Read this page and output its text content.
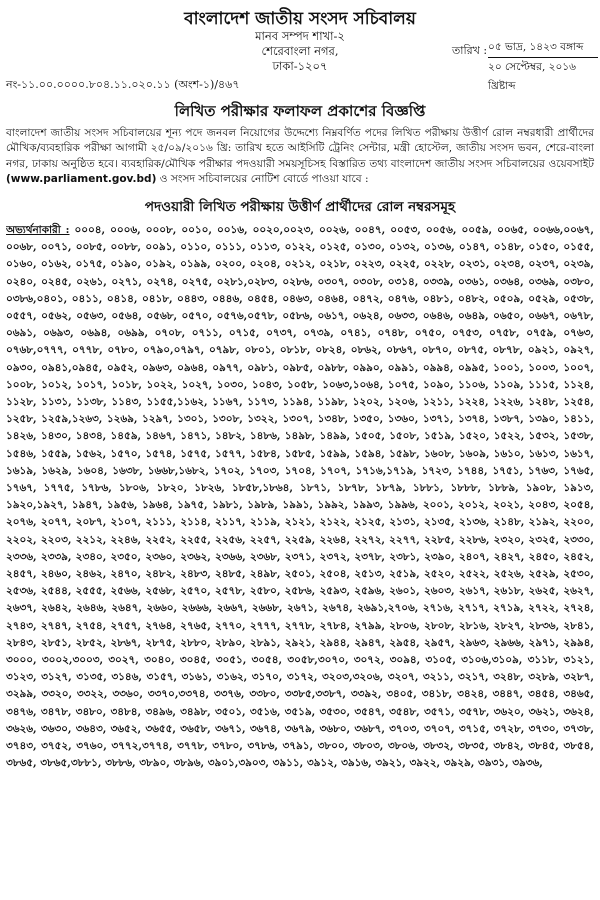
বাংলাদেশ জাতীয় সংসদ সচিবালয়
মানব সম্পদ শাখা-২
শেরেবাংলা নগর,
ঢাকা-১২০৭
তারিখ : ০৫ ভাদ্র, ১৪২৩ বঙ্গাব্দ
২০ সেপ্টেম্বর, ২০১৬ খ্রিষ্টাব্দ
নং-১১.০০.০০০০.৮০৪.১১.০২০.১১ (অংশ-১)/৪৬৭
লিখিত পরীক্ষার ফলাফল প্রকাশের বিজ্ঞপ্তি
বাংলাদেশ জাতীয় সংসদ সচিবালয়ের শূন্য পদে জনবল নিয়োগের উদ্দেশ্যে নিম্নবর্ণিত পদের লিখিত পরীক্ষায় উত্তীর্ণ রোল নম্বরধারী প্রার্থীদের মৌখিক/ব্যবহারিক পরীক্ষা আগামী ২৫/০৯/২০১৬ খ্রি: তারিখ হতে আইসিটি ট্রেনিং সেন্টার, মন্ত্রী হোস্টেল, জাতীয় সংসদ ভবন, শেরে-বাংলা নগর, ঢাকায় অনুষ্ঠিত হবে। ব্যবহারিক/মৌখিক পরীক্ষার পদওয়ারী সময়সূচিসহ বিস্তারিত তথ্য বাংলাদেশ জাতীয় সংসদ সচিবালয়ের ওয়েবসাইট (www.parliament.gov.bd) ও সংসদ সচিবালয়ের নোটিশ বোর্ডে পাওয়া যাবে :
পদওয়ারী লিখিত পরীক্ষায় উত্তীর্ণ প্রার্থীদের রোল নম্বরসমূহ
অভ্যর্থনাকারী : ০০০৪, ০০০৬, ০০০৮, ০০১০, ০০১৬, ০০২০,০০২৩, ০০২৬, ০০৪৭, ০০৫৩, ০০৫৬, ০০৫৯, ০০৬৫, ০০৬৬,০০৬৭, ০০৬৮, ০০৭১, ০০৮৫, ০০৮৮, ০০৯১, ০১১০, ০১১১, ০১১৩, ০১২২, ০১২৫, ০১৩০, ০১৩২, ০১৩৬, ০১৪৭, ০১৪৮, ০১৫০, ০১৫৫, ০১৬০, ০১৬২, ০১৭৫, ০১৯০, ০১৯২, ০১৯৯, ০২০০, ০২০৪, ০২১২, ০২১৮, ০২২৩, ০২২৫, ০২২৮, ০২৩১, ০২৩৪, ০২৩৭, ০২৩৯, ০২৪০, ০২৪৫, ০২৬১, ০২৭১, ০২৭৪, ০২৭৫, ০২৮১,০২৮৩, ০২৮৬, ০৩০৭, ০৩০৮, ০৩১৪, ০৩৩৯, ০৩৬১, ০৩৬৪, ০৩৬৯, ০৩৮০, ০৩৮৬,০৪০১, ০৪১১, ০৪১৪, ০৪১৮, ০৪৪৩, ০৪৪৬, ০৪৫৪, ০৪৬৩, ০৪৬৪, ০৪৭২, ০৪৭৬, ০৪৮১, ০৪৮২, ০৫০৯, ০৫২৯, ০৫৩৮, ০৫৫৭, ০৫৬২, ০৫৬৩, ০৫৬৪, ০৫৬৮, ০৫৭০, ০৫৭৬,০৫৭৮, ০৫৮৬, ০৬১৭, ০৬২৪, ০৬৩৩, ০৬৪৬, ০৬৪৯, ০৬৫০, ০৬৬৭, ০৬৭৮, ০৬৯১, ০৬৯৩, ০৬৯৪, ০৬৯৯, ০৭০৮, ০৭১১, ০৭১৫, ০৭৩৭, ০৭৩৯, ০৭৪১, ০৭৪৮, ০৭৫০, ০৭৫৩, ০৭৫৮, ০৭৫৯, ০৭৬৩, ০৭৬৮,০৭৭৭, ০৭৭৮, ০৭৮০, ০৭৯০,০৭৯৭, ০৭৯৮, ০৮০১, ০৮১৮, ০৮২৪, ০৮৬২, ০৮৬৭, ০৮৭০, ০৮৭৫, ০৮৭৮, ০৯২১, ০৯২৭, ০৯৩০, ০৯৪১,০৯৪৫, ০৯৫২, ০৯৬৩, ০৯৬৪, ০৯৭৭, ০৯৮১, ০৯৮৫, ০৯৮৮, ০৯৯০, ০৯৯১, ০৯৯৪, ০৯৯৫, ১০০১, ১০০৩, ১০০৭, ১০০৮, ১০১২, ১০১৭, ১০১৮, ১০২২, ১০২৭, ১০৩০, ১০৪৩, ১০৫৮, ১০৬৩,১০৬৪, ১০৭৫, ১০৯০, ১১০৬, ১১০৯, ১১১৫, ১১২৪, ১১২৮, ১১৩১, ১১৩৮, ১১৪৩, ১১৫৫,১১৬২, ১১৬৭, ১১৭৩, ১১৯৪, ১১৯৮, ১২০২, ১২০৬, ১২১১, ১২২৪, ১২২৬, ১২৪৮, ১২৫৪, ১২৫৮, ১২৫৯,১২৬৩, ১২৬৯, ১২৯৭, ১৩০১, ১৩০৮, ১৩২২, ১৩০৭, ১৩৪৮, ১৩৫০, ১৩৬০, ১৩৭১, ১৩৭৪, ১৩৮৭, ১৩৯০, ১৪১১, ১৪২৬, ১৪৩০, ১৪৩৪, ১৪৫৯, ১৪৬৭, ১৪৭১, ১৪৮২, ১৪৮৬, ১৪৯৮, ১৪৯৯, ১৫০৫, ১৫০৮, ১৫১৯, ১৫২০, ১৫২২, ১৫৩২, ১৫৩৮, ১৫৪৬, ১৫৫৯, ১৫৬২, ১৫৭০, ১৫৭৪, ১৫৭৫, ১৫৭৭, ১৫৮৪, ১৫৮৫, ১৫৯৯, ১৫৯৪, ১৫৯৮, ১৬০৮, ১৬০৯, ১৬১০, ১৬১৩, ১৬১৭, ১৬১৯, ১৬২৯, ১৬০৪, ১৬৩৮, ১৬৬৮,১৬৮২, ১৭০২, ১৭০৩, ১৭০৪, ১৭০৭, ১৭১৬,১৭১৯, ১৭২৩, ১৭৪৪, ১৭৫১, ১৭৬৩, ১৭৬৫, ১৭৬৭, ১৭৭৫, ১৭৮৬, ১৮০৬, ১৮২০, ১৮২৬, ১৮৫৮,১৮৬৪, ১৮৭১, ১৮৭৮, ১৮৭৯, ১৮৮১, ১৮৮৮, ১৮৮৯, ১৯০৮, ১৯১৩, ১৯২০,১৯২৭, ১৯৪৭, ১৯৫৬, ১৯৬৪, ১৯৭৫, ১৯৮১, ১৯৮৯, ১৯৯১, ১৯৯২, ১৯৯৩, ১৯৯৬, ২০০১, ২০১২, ২০২১, ২০৪৩, ২০৫৪, ২০৭৬, ২০৭৭, ২০৮৭, ২১০৭, ২১১১, ২১১৪, ২১১৭, ২১১৯, ২১২১, ২১২২, ২১২৫, ২১৩১, ২১৩৫, ২১৩৬, ২১৪৮, ২১৯২, ২২০০, ২২০২, ২২০৩, ২২১২, ২২৪৬, ২২৫২, ২২৫৫, ২২৫৬, ২২৫৭, ২২৫৯, ২২৬৪, ২২৭২, ২২৭৭, ২২৮৫, ২২৮৬, ২৩২০, ২৩২৫, ২৩৩০, ২৩৩৬, ২৩৩৯, ২৩৪০, ২৩৫০, ২৩৬০, ২৩৬২, ২৩৬৬, ২৩৬৮, ২৩৭১, ২৩৭২, ২৩৭৮, ২৩৮১, ২৩৯০, ২৪০৭, ২৪২৭, ২৪৫০, ২৪৫২, ২৪৫৭, ২৪৬০, ২৪৬২, ২৪৭০, ২৪৮২, ২৪৮৩, ২৪৮৫, ২৪৯৮, ২৫০১, ২৫০৪, ২৫১৩, ২৫১৯, ২৫২০, ২৫২২, ২৫২৬, ২৫২৯, ২৫৩০, ২৫৩৬, ২৫৪৪, ২৫৫৫, ২৫৬৬, ২৫৬৮, ২৫৭০, ২৫৭৮, ২৫৮০, ২৫৮৬, ২৫৯৩, ২৫৯৬, ২৬০১, ২৬০৩, ২৬১৭, ২৬১৮, ২৬২৫, ২৬২৭, ২৬৩৭, ২৬৪২, ২৬৪৬, ২৬৪৭, ২৬৬০, ২৬৬৬, ২৬৬৭, ২৬৬৮, ২৬৭১, ২৬৭৪, ২৬৯১,২৭০৬, ২৭১৬, ২৭১৭, ২৭১৯, ২৭২২, ২৭২৪, ২৭৪৩, ২৭৪৭, ২৭৫৪, ২৭৫৭, ২৭৬৪, ২৭৬৫, ২৭৭০, ২৭৭৭, ২৭৭৮, ২৭৮৪, ২৭৯৯, ২৮০৬, ২৮০৮, ২৮১৬, ২৮২৭, ২৮৩৬, ২৮৪১, ২৮৪৩, ২৮৫১, ২৮৫২, ২৮৬৭, ২৮৭৫, ২৮৮০, ২৮৯০, ২৮৯১, ২৯২১, ২৯৪৪, ২৯৪৭, ২৯৫৪, ২৯৫৭, ২৯৬৩, ২৯৬৬, ২৯৭১, ২৯৯৪, ৩০০০, ৩০০২,৩০০৩, ৩০২৭, ৩০৪০, ৩০৪৫, ৩০৫১, ৩০৫৪, ৩০৫৮,৩০৭০, ৩০৭২, ৩০৯৪, ৩১০৫, ৩১০৬,৩১০৯, ৩১১৮, ৩১২১, ৩১২৩, ৩১২৭, ৩১৩৫, ৩১৪৬, ৩১৫৭, ৩১৬১, ৩১৬২, ৩১৭০, ৩১৭২, ৩২০৩,৩২০৬, ৩২০৭, ৩২১১, ৩২১৭, ৩২৪৮, ৩২৮৯, ৩২৮৭, ৩২৯৯, ৩৩২০, ৩৩২২, ৩৩৬০, ৩৩৭০,৩৩৭৪, ৩৩৭৬, ৩৩৮০, ৩৩৮৫,৩৩৮৭, ৩৩৯২, ৩৪০৫, ৩৪১৮, ৩৪২৪, ৩৪৪৭, ৩৪৫৪, ৩৪৬৫, ৩৪৭৬, ৩৪৭৮, ৩৪৮০, ৩৪৮৪, ৩৪৯৬, ৩৪৯৮, ৩৫০১, ৩৫১৬, ৩৫১৯, ৩৫৩০, ৩৫৪৭, ৩৫৪৮, ৩৫৭১, ৩৫৭৮, ৩৬২০, ৩৬২১, ৩৬২৪, ৩৬২৬, ৩৬৩০, ৩৬৪৩, ৩৬৫২, ৩৬৫৫, ৩৬৫৮, ৩৬৭১, ৩৬৭৪, ৩৬৭৯, ৩৬৮০, ৩৬৮৭, ৩৭০৩, ৩৭০৭, ৩৭১৫, ৩৭২৮, ৩৭৩০, ৩৭৩৮, ৩৭৪৩, ৩৭৫২, ৩৭৬০, ৩৭৭২,৩৭৭৪, ৩৭৭৮, ৩৭৮০, ৩৭৮৬, ৩৭৯১, ৩৮০০, ৩৮০৩, ৩৮০৬, ৩৮৩২, ৩৮৩৫, ৩৮৪২, ৩৮৪৫, ৩৮৫৪, ৩৮৬৫, ৩৮৬৫,৩৮৮১, ৩৮৮৬, ৩৮৯০, ৩৮৯৬, ৩৯০১,৩৯০৩, ৩৯১১, ৩৯১২, ৩৯১৬, ৩৯২১, ৩৯২২, ৩৯২৯, ৩৯৩১, ৩৯৩৬,
